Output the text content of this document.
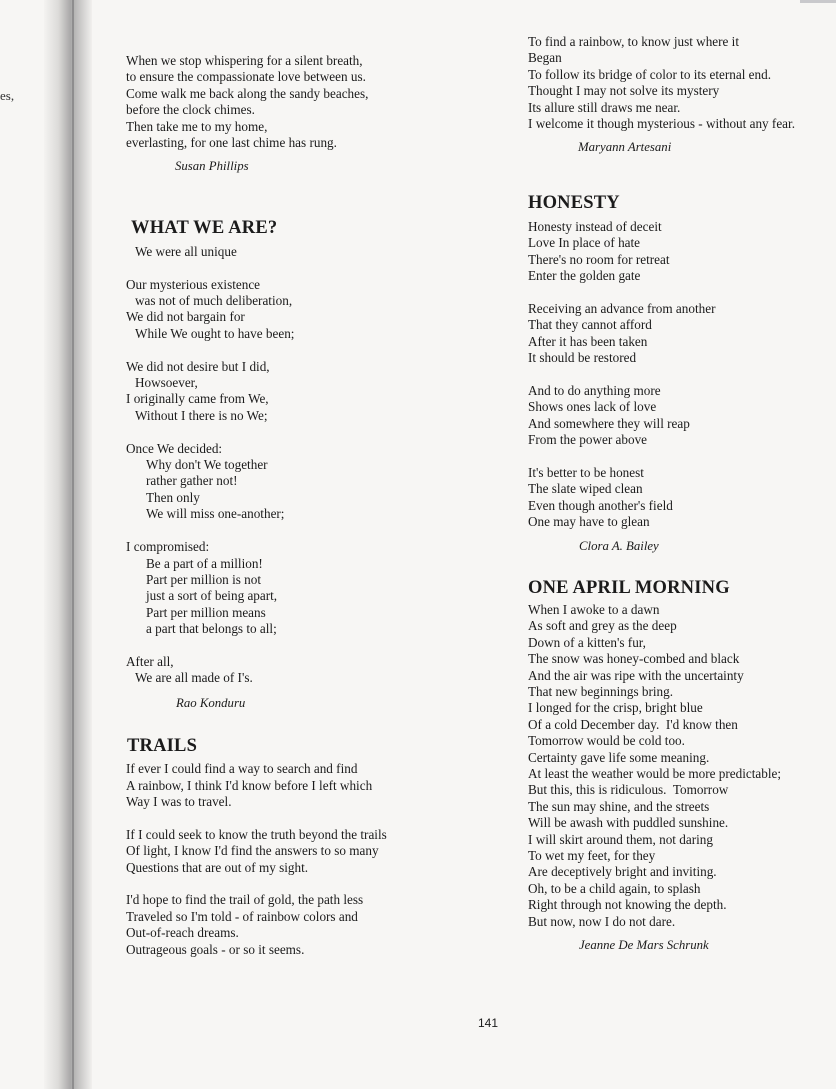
es,
When we stop whispering for a silent breath,
to ensure the compassionate love between us.
Come walk me back along the sandy beaches,
before the clock chimes.
Then take me to my home,
everlasting, for one last chime has rung.
Susan Phillips
WHAT WE ARE?
We were all unique
Our mysterious existence
was not of much deliberation,
We did not bargain for
While We ought to have been;
We did not desire but I did,
Howsoever,
I originally came from We,
Without I there is no We;
Once We decided:
Why don't We together
rather gather not!
Then only
We will miss one-another;
I compromised:
Be a part of a million!
Part per million is not
just a sort of being apart,
Part per million means
a part that belongs to all;
After all,
We are all made of I's.
Rao Konduru
TRAILS
If ever I could find a way to search and find
A rainbow, I think I'd know before I left which
Way I was to travel.
If I could seek to know the truth beyond the trails
Of light, I know I'd find the answers to so many
Questions that are out of my sight.
I'd hope to find the trail of gold, the path less
Traveled so I'm told - of rainbow colors and
Out-of-reach dreams.
Outrageous goals - or so it seems.
To find a rainbow, to know just where it
Began
To follow its bridge of color to its eternal end.
Thought I may not solve its mystery
Its allure still draws me near.
I welcome it though mysterious - without any fear.
Maryann Artesani
HONESTY
Honesty instead of deceit
Love In place of hate
There's no room for retreat
Enter the golden gate
Receiving an advance from another
That they cannot afford
After it has been taken
It should be restored
And to do anything more
Shows ones lack of love
And somewhere they will reap
From the power above
It's better to be honest
The slate wiped clean
Even though another's field
One may have to glean
Clora A. Bailey
ONE APRIL MORNING
When I awoke to a dawn
As soft and grey as the deep
Down of a kitten's fur,
The snow was honey-combed and black
And the air was ripe with the uncertainty
That new beginnings bring.
I longed for the crisp, bright blue
Of a cold December day.  I'd know then
Tomorrow would be cold too.
Certainty gave life some meaning.
At least the weather would be more predictable;
But this, this is ridiculous.  Tomorrow
The sun may shine, and the streets
Will be awash with puddled sunshine.
I will skirt around them, not daring
To wet my feet, for they
Are deceptively bright and inviting.
Oh, to be a child again, to splash
Right through not knowing the depth.
But now, now I do not dare.
Jeanne De Mars Schrunk
141
